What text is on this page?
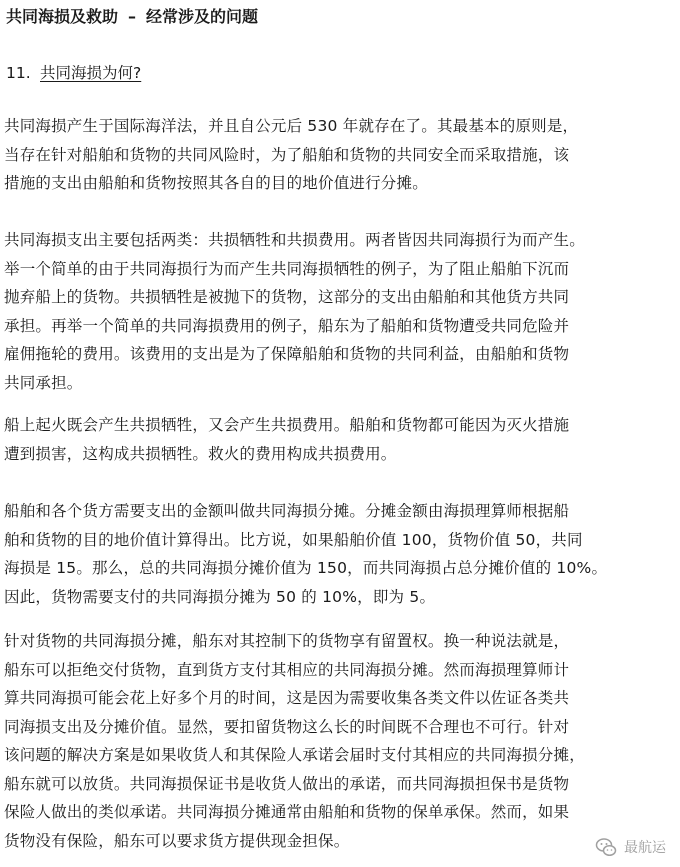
共同海损及救助 – 经常涉及的问题
11. 共同海损为何?

共同海损产生于国际海洋法，并且自公元后 530 年就存在了。其最基本的原则是，
当存在针对船舶和货物的共同风险时，为了船舶和货物的共同安全而采取措施，该
措施的支出由船舶和货物按照其各自的目的地价值进行分摊。

共同海损支出主要包括两类：共损牺牲和共损费用。两者皆因共同海损行为而产生。
举一个简单的由于共同海损行为而产生共同海损牺牲的例子，为了阻止船舶下沉而
抛弃船上的货物。共损牺牲是被抛下的货物，这部分的支出由船舶和其他货方共同
承担。再举一个简单的共同海损费用的例子，船东为了船舶和货物遭受共同危险并
雇佣拖轮的费用。该费用的支出是为了保障船舶和货物的共同利益，由船舶和货物
共同承担。

船上起火既会产生共损牺牲，又会产生共损费用。船舶和货物都可能因为灭火措施
遭到损害，这构成共损牺牲。救火的费用构成共损费用。

船舶和各个货方需要支出的金额叫做共同海损分摊。分摊金额由海损理算师根据船
舶和货物的目的地价值计算得出。比方说，如果船舶价值 100，货物价值 50，共同
海损是 15。那么，总的共同海损分摊价值为 150，而共同海损占总分摊价值的 10%。
因此，货物需要支付的共同海损分摊为 50 的 10%，即为 5。

针对货物的共同海损分摊，船东对其控制下的货物享有留置权。换一种说法就是，
船东可以拒绝交付货物，直到货方支付其相应的共同海损分摊。然而海损理算师计
算共同海损可能会花上好多个月的时间，这是因为需要收集各类文件以佐证各类共
同海损支出及分摊价值。显然，要扣留货物这么长的时间既不合理也不可行。针对
该问题的解决方案是如果收货人和其保险人承诺会届时支付其相应的共同海损分摊，
船东就可以放货。共同海损保证书是收货人做出的承诺，而共同海损担保书是货物
保险人做出的类似承诺。共同海损分摊通常由船舶和货物的保单承保。然而，如果
货物没有保险，船东可以要求货方提供现金担保。	最航运
